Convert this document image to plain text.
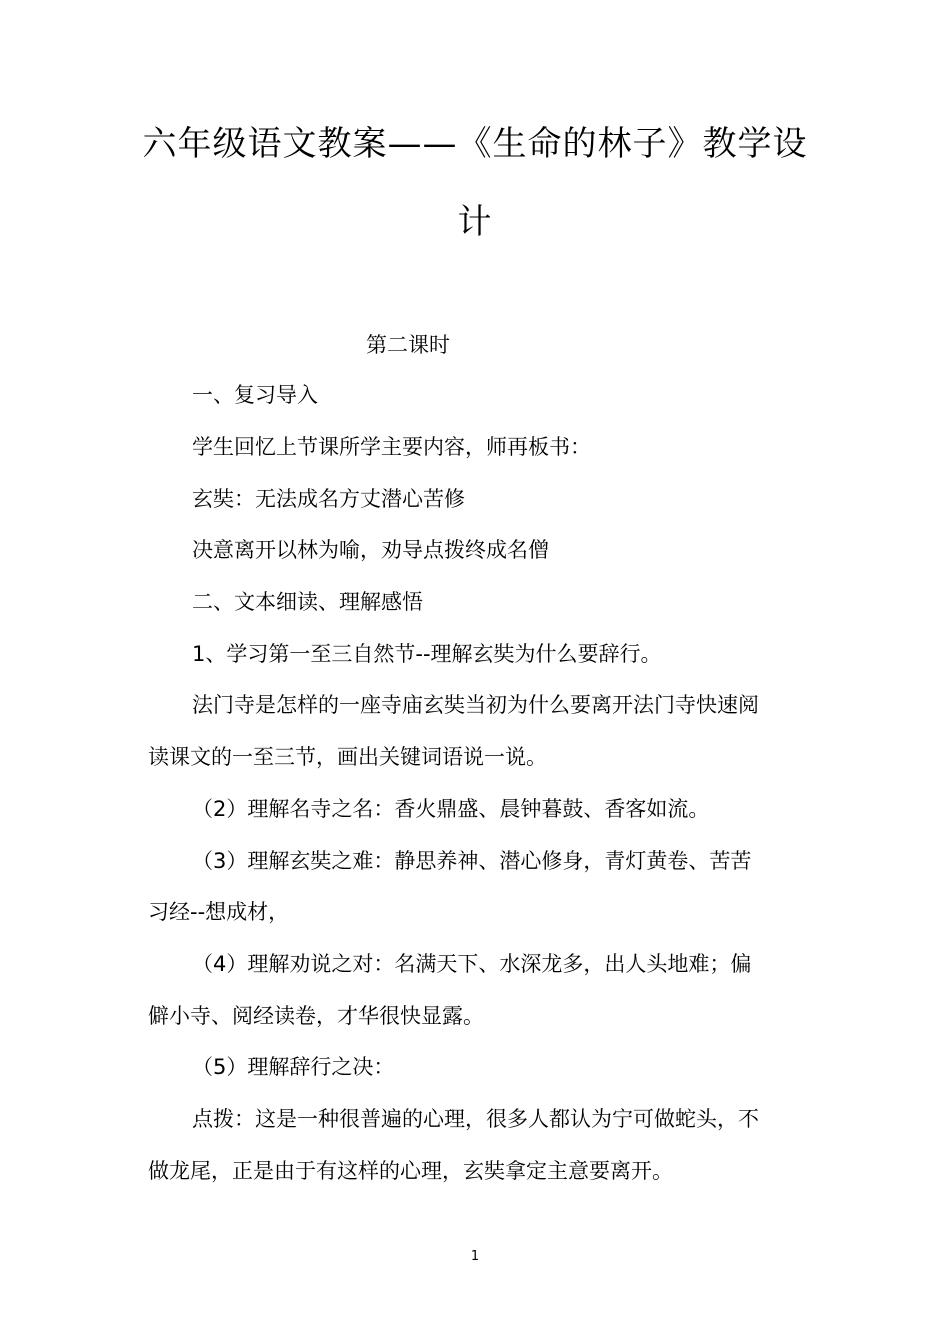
六年级语文教案——《生命的林子》教学设
计

第二课时

一、复习导入

学生回忆上节课所学主要内容，师再板书：

玄奘：无法成名方丈潜心苦修

决意离开以林为喻，劝导点拨终成名僧

二、文本细读、理解感悟

1、学习第一至三自然节--理解玄奘为什么要辞行。

法门寺是怎样的一座寺庙玄奘当初为什么要离开法门寺快速阅

读课文的一至三节，画出关键词语说一说。

（2）理解名寺之名：香火鼎盛、晨钟暮鼓、香客如流。

（3）理解玄奘之难：静思养神、潜心修身，青灯黄卷、苦苦

习经--想成材，

（4）理解劝说之对：名满天下、水深龙多，出人头地难；偏

僻小寺、阅经读卷，才华很快显露。

（5）理解辞行之决：

点拨：这是一种很普遍的心理，很多人都认为宁可做蛇头，不

做龙尾，正是由于有这样的心理，玄奘拿定主意要离开。

1
